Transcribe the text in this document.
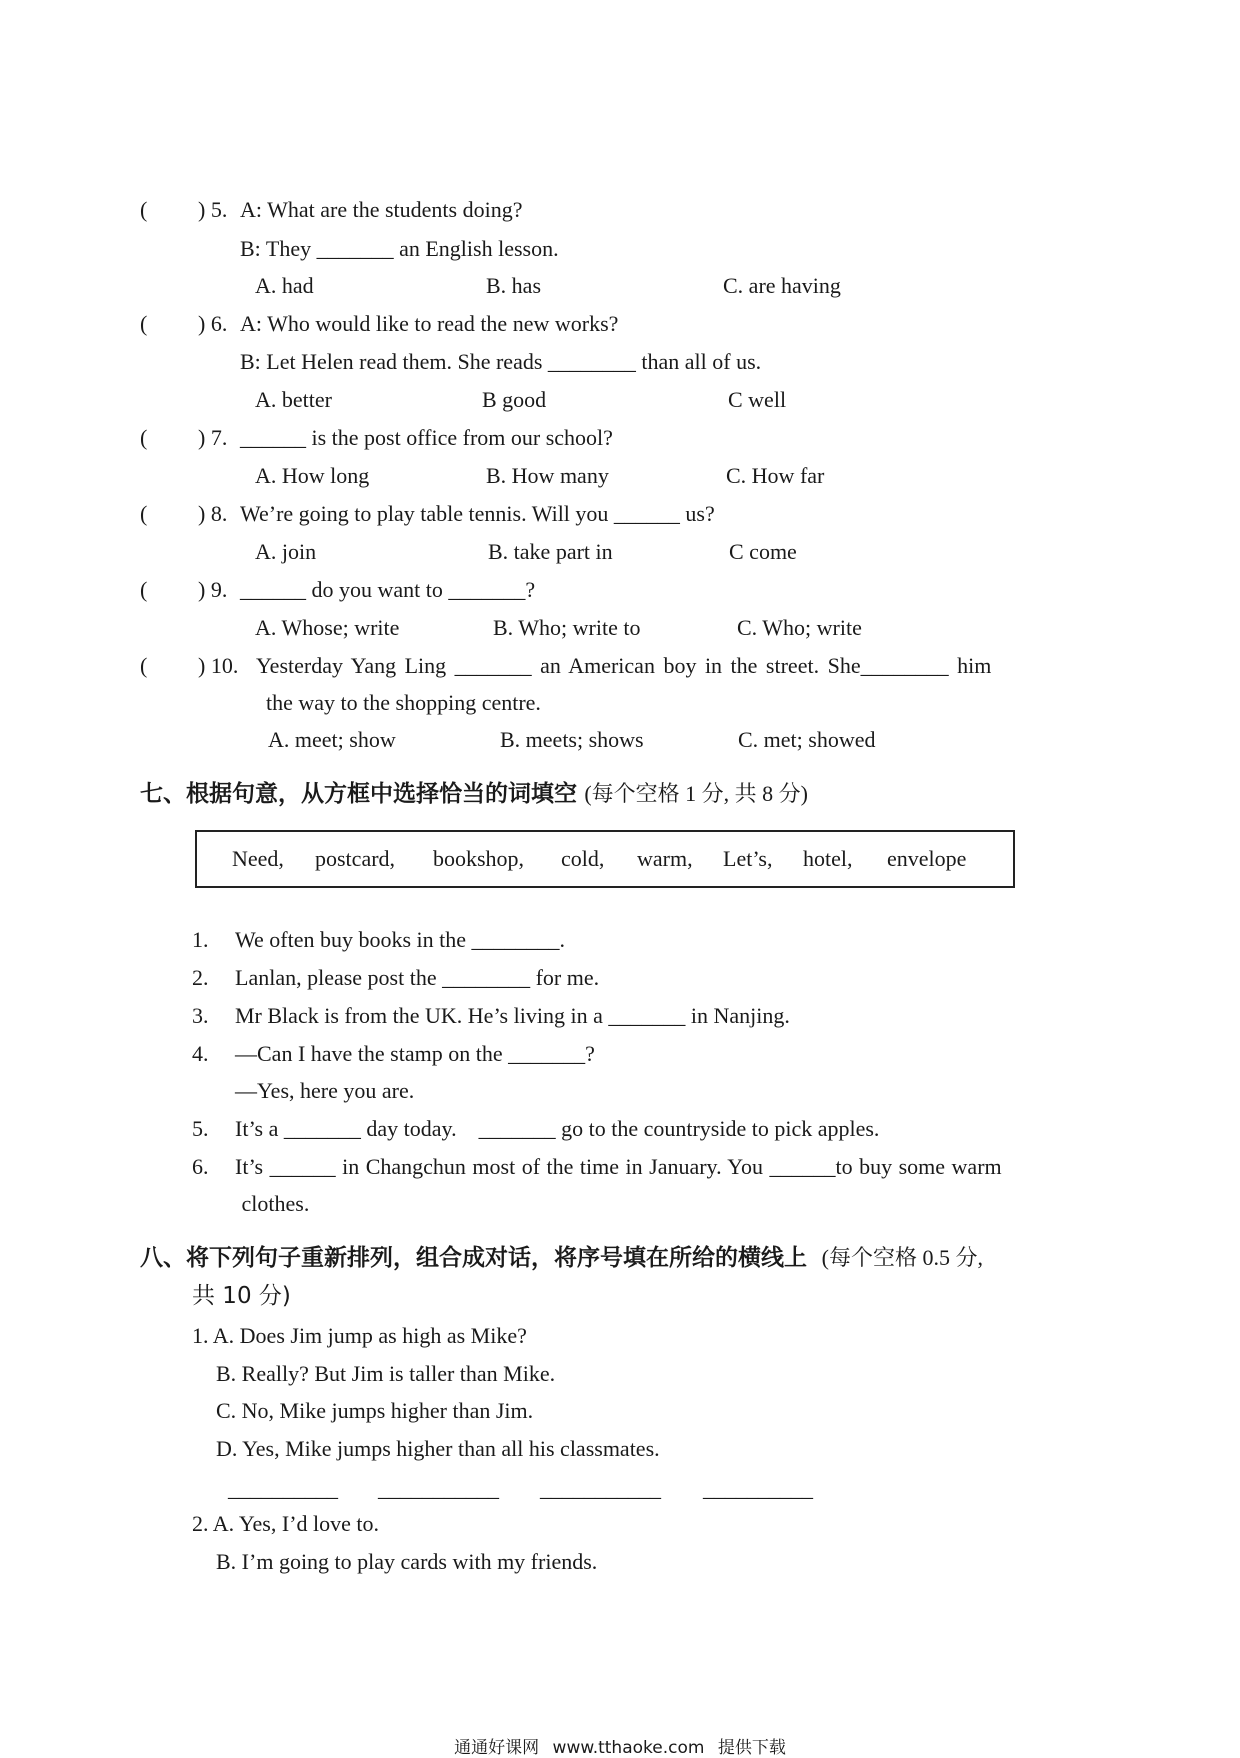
( ) 5. A: What are the students doing?
B: They _______ an English lesson.
A. had	B. has	C. are having
( ) 6. A: Who would like to read the new works?
B: Let Helen read them. She reads ________ than all of us.
A. better	B good	C well
( ) 7. ______ is the post office from our school?
A. How long	B. How many	C. How far
( ) 8. We’re going to play table tennis. Will you ______ us?
A. join	B. take part in	C come
( ) 9. ______ do you want to _______?
A. Whose; write	B. Who; write to	C. Who; write
( ) 10. Yesterday Yang Ling _______ an American boy in the street. She________ him
the way to the shopping centre.
A. meet; show	B. meets; shows	C. met; showed
七、根据句意，从方框中选择恰当的词填空 (每个空格 1 分, 共 8 分)
Need, postcard, bookshop, cold, warm, Let’s, hotel, envelope
1. We often buy books in the ________.
2. Lanlan, please post the ________ for me.
3. Mr Black is from the UK. He’s living in a _______ in Nanjing.
4. —Can I have the stamp on the _______?
—Yes, here you are.
5. It’s a _______ day today.    _______ go to the countryside to pick apples.
6. It’s ______ in Changchun most of the time in January. You ______to buy some warm
clothes.
八、将下列句子重新排列，组合成对话，将序号填在所给的横线上 (每个空格 0.5 分,
共 10 分)
1. A. Does Jim jump as high as Mike?
B. Really? But Jim is taller than Mike.
C. No, Mike jumps higher than Jim.
D. Yes, Mike jumps higher than all his classmates.
__________ ___________ ___________ __________
2. A. Yes, I’d love to.
B. I’m going to play cards with my friends.
通通好课网 www.tthaoke.com 提供下载
